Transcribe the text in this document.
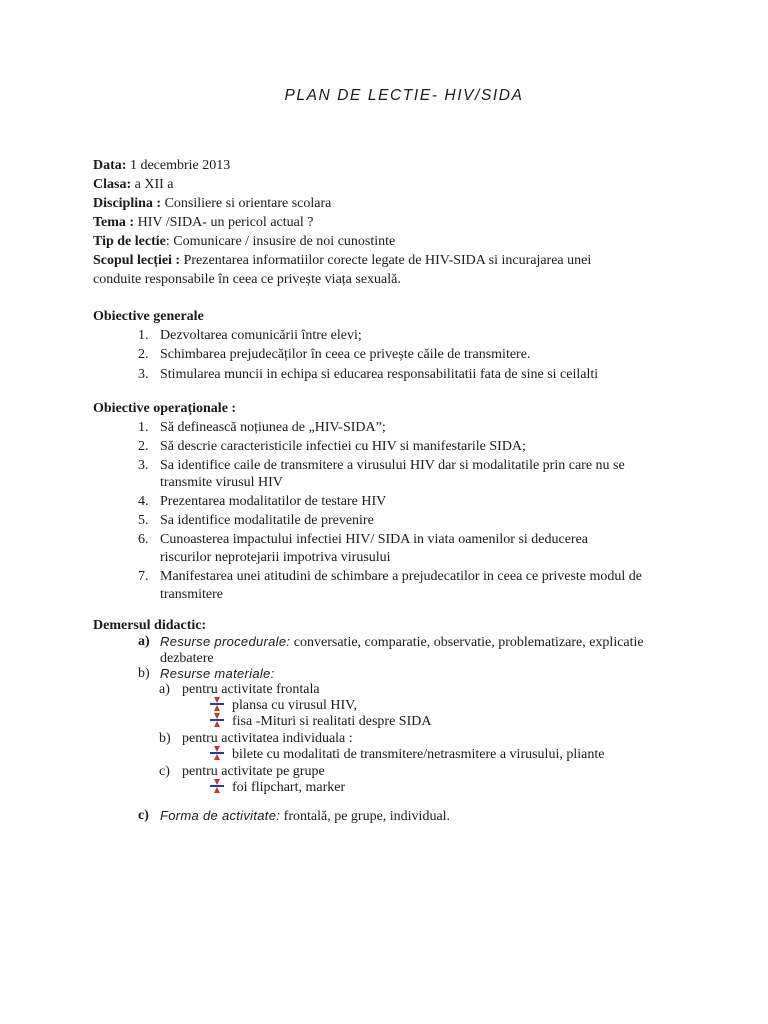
PLAN DE LECTIE- HIV/SIDA
Data: 1 decembrie 2013
Clasa: a XII a
Disciplina : Consiliere si orientare scolara
Tema : HIV /SIDA- un pericol actual ?
Tip de lectie: Comunicare / insusire de noi cunostinte
Scopul lecției : Prezentarea informatiilor corecte legate de HIV-SIDA si incurajarea unei
conduite responsabile în ceea ce privește viața sexuală.
Obiective generale
1. Dezvoltarea comunicării între elevi;
2. Schimbarea prejudecăților în ceea ce privește căile de transmitere.
3. Stimularea muncii in echipa si educarea responsabilitatii fata de sine si ceilalti
Obiective operaționale :
1. Să definească noțiunea de „HIV-SIDA”;
2. Să descrie caracteristicile infectiei cu HIV si manifestarile SIDA;
3. Sa identifice caile de transmitere a virusului HIV dar si modalitatile prin care nu se
transmite virusul HIV
4. Prezentarea modalitatilor de testare HIV
5. Sa identifice modalitatile de prevenire
6. Cunoasterea impactului infectiei HIV/ SIDA in viata oamenilor si deducerea
riscurilor neprotejarii impotriva virusului
7. Manifestarea unei atitudini de schimbare a prejudecatilor in ceea ce priveste modul de
transmitere
Demersul didactic:
a) Resurse procedurale: conversatie, comparatie, observatie, problematizare, explicatie
dezbatere
b) Resurse materiale:
a) pentru activitate frontala
plansa cu virusul HIV,
fisa -Mituri si realitati despre SIDA
b) pentru activitatea individuala :
bilete cu modalitati de transmitere/netrasmitere a virusului, pliante
c) pentru activitate pe grupe
foi flipchart, marker
c) Forma de activitate: frontală, pe grupe, individual.
